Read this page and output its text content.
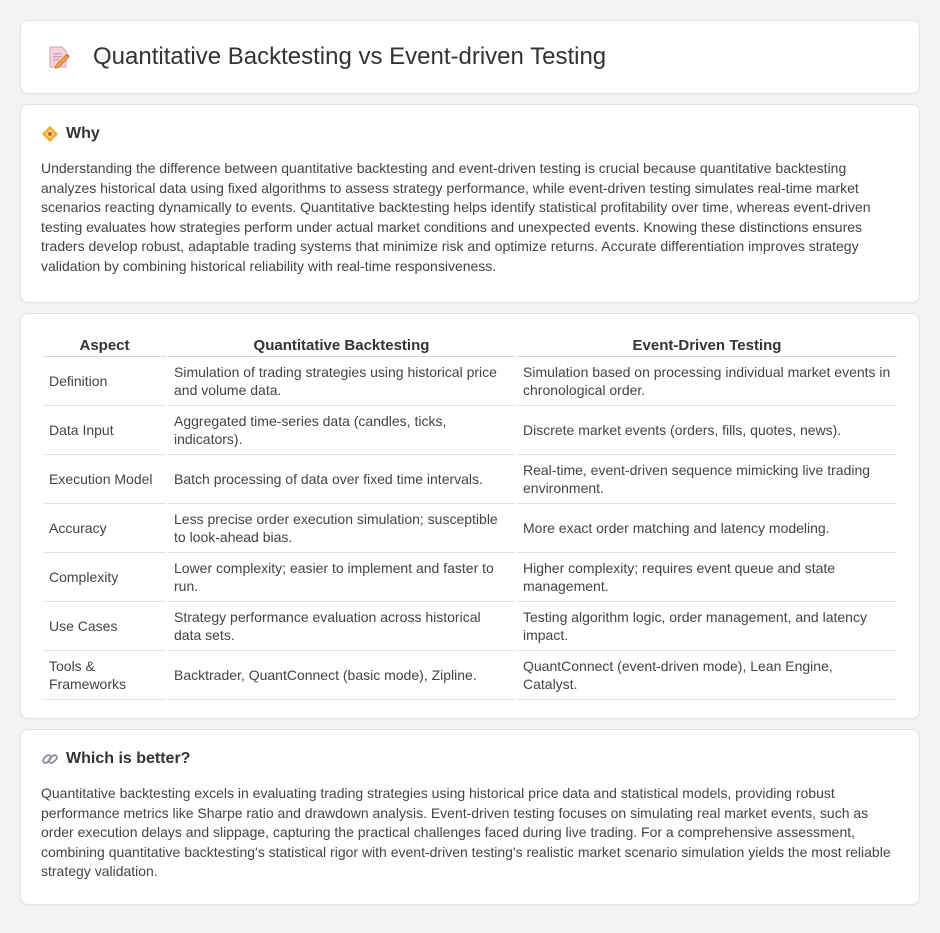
Quantitative Backtesting vs Event-driven Testing
Why

Understanding the difference between quantitative backtesting and event-driven testing is crucial because quantitative backtesting analyzes historical data using fixed algorithms to assess strategy performance, while event-driven testing simulates real-time market scenarios reacting dynamically to events. Quantitative backtesting helps identify statistical profitability over time, whereas event-driven testing evaluates how strategies perform under actual market conditions and unexpected events. Knowing these distinctions ensures traders develop robust, adaptable trading systems that minimize risk and optimize returns. Accurate differentiation improves strategy validation by combining historical reliability with real-time responsiveness.

Aspect	Quantitative Backtesting	Event-Driven Testing
Definition	Simulation of trading strategies using historical price and volume data.	Simulation based on processing individual market events in chronological order.
Data Input	Aggregated time-series data (candles, ticks, indicators).	Discrete market events (orders, fills, quotes, news).
Execution Model	Batch processing of data over fixed time intervals.	Real-time, event-driven sequence mimicking live trading environment.
Accuracy	Less precise order execution simulation; susceptible to look-ahead bias.	More exact order matching and latency modeling.
Complexity	Lower complexity; easier to implement and faster to run.	Higher complexity; requires event queue and state management.
Use Cases	Strategy performance evaluation across historical data sets.	Testing algorithm logic, order management, and latency impact.
Tools & Frameworks	Backtrader, QuantConnect (basic mode), Zipline.	QuantConnect (event-driven mode), Lean Engine, Catalyst.
Which is better?

Quantitative backtesting excels in evaluating trading strategies using historical price data and statistical models, providing robust performance metrics like Sharpe ratio and drawdown analysis. Event-driven testing focuses on simulating real market events, such as order execution delays and slippage, capturing the practical challenges faced during live trading. For a comprehensive assessment, combining quantitative backtesting's statistical rigor with event-driven testing's realistic market scenario simulation yields the most reliable strategy validation.
